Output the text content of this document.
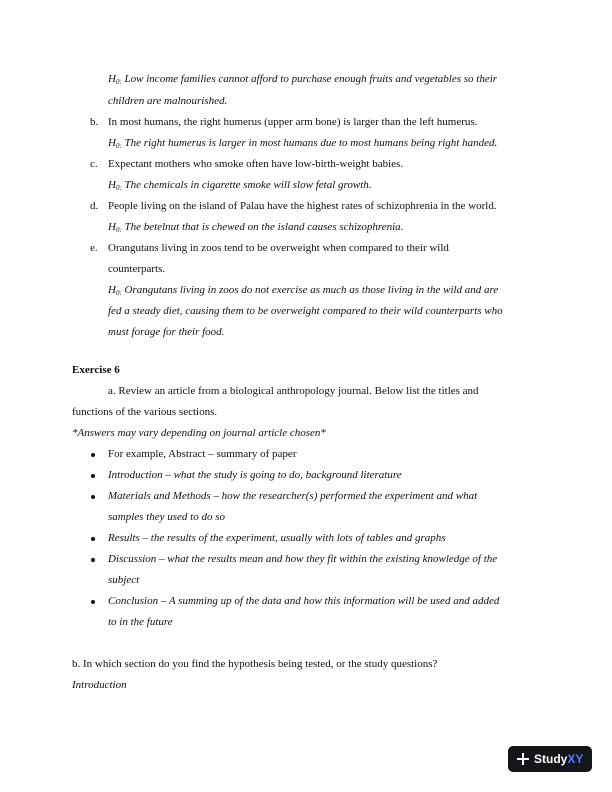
$H_{0:}$ Low income families cannot afford to purchase enough fruits and vegetables so their
children are malnourished.
b. In most humans, the right humerus (upper arm bone) is larger than the left humerus.
$H_{0:}$ The right humerus is larger in most humans due to most humans being right handed.
c. Expectant mothers who smoke often have low-birth-weight babies.
$H_{0:}$ The chemicals in cigarette smoke will slow fetal growth.
d. People living on the island of Palau have the highest rates of schizophrenia in the world.
$H_{0:}$ The betelnut that is chewed on the island causes schizophrenia.
e. Orangutans living in zoos tend to be overweight when compared to their wild
counterparts.
$H_{0:}$ Orangutans living in zoos do not exercise as much as those living in the wild and are
fed a steady diet, causing them to be overweight compared to their wild counterparts who
must forage for their food.
Exercise 6
a. Review an article from a biological anthropology journal. Below list the titles and
functions of the various sections.
*Answers may vary depending on journal article chosen*
For example, Abstract – summary of paper
Introduction – what the study is going to do, background literature
Materials and Methods – how the researcher(s) performed the experiment and what
samples they used to do so
Results – the results of the experiment, usually with lots of tables and graphs
Discussion – what the results mean and how they fit within the existing knowledge of the
subject
Conclusion – A summing up of the data and how this information will be used and added
to in the future
b. In which section do you find the hypothesis being tested, or the study questions?
Introduction
Study XY
